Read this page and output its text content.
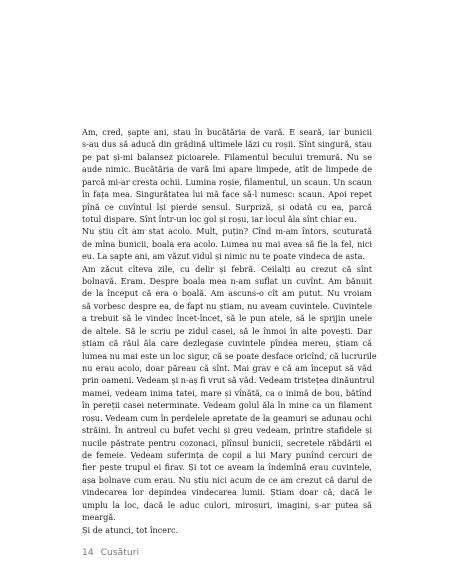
Am, cred, șapte ani, stau în bucătăria de vară. E seară, iar bunicii
s-au dus să aducă din grădină ultimele lăzi cu roșii. Sînt singură, stau
pe pat și-mi balansez picioarele. Filamentul becului tremură. Nu se
aude nimic. Bucătăria de vară îmi apare limpede, atît de limpede de
parcă mi-ar cresta ochii. Lumina roșie, filamentul, un scaun. Un scaun
în fața mea. Singurătatea lui mă face să-l numesc: scaun. Apoi repet
pînă ce cuvîntul își pierde sensul. Surpriză, și odată cu ea, parcă
totul dispare. Sînt într-un loc gol și roșu, iar locul ăla sînt chiar eu.
Nu știu cît am stat acolo. Mult, puțin? Cînd m-am întors, scuturată
de mîna bunicii, boala era acolo. Lumea nu mai avea să fie la fel, nici
eu. La șapte ani, am văzut vidul și nimic nu te poate vindeca de asta.
Am zăcut cîteva zile, cu delir și febră. Ceilalți au crezut că sînt
bolnavă. Eram. Despre boala mea n-am suflat un cuvînt. Am bănuit
de la început că era o boală. Am ascuns-o cît am putut. Nu vroiam
să vorbesc despre ea, de fapt nu știam, nu aveam cuvintele. Cuvintele
a trebuit să le vindec încet-încet, să le pun atele, să le sprijin unele
de altele. Să le scriu pe zidul casei, să le înmoi în alte povești. Dar
știam că răul ăla care dezlegase cuvintele pîndea mereu, știam că
lumea nu mai este un loc sigur, că se poate desface oricînd, că lucrurile
nu erau acolo, doar păreau că sînt. Mai grav e că am început să văd
prin oameni. Vedeam și n-aș fi vrut să văd. Vedeam tristețea dinăuntrul
mamei, vedeam inima tatei, mare și vînătă, ca o inimă de bou, bătînd
în pereții casei neterminate. Vedeam golul ăla în mine ca un filament
roșu. Vedeam cum în perdelele apretate de la geamuri se adunau ochi
străini. În antreul cu bufet vechi și greu vedeam, printre stafidele și
nucile păstrate pentru cozonaci, plînsul bunicii, secretele răbdării ei
de femeie. Vedeam suferința de copil a lui Mary punînd cercuri de
fier peste trupul ei firav. Și tot ce aveam la îndemînă erau cuvintele,
așa bolnave cum erau. Nu știu nici acum de ce am crezut că darul de
vindecarea lor depindea vindecarea lumii. Știam doar că, dacă le
umplu la loc, dacă le aduc culori, mirosuri, imagini, s-ar putea să
meargă.
Și de atunci, tot încerc.
14 Cusături
